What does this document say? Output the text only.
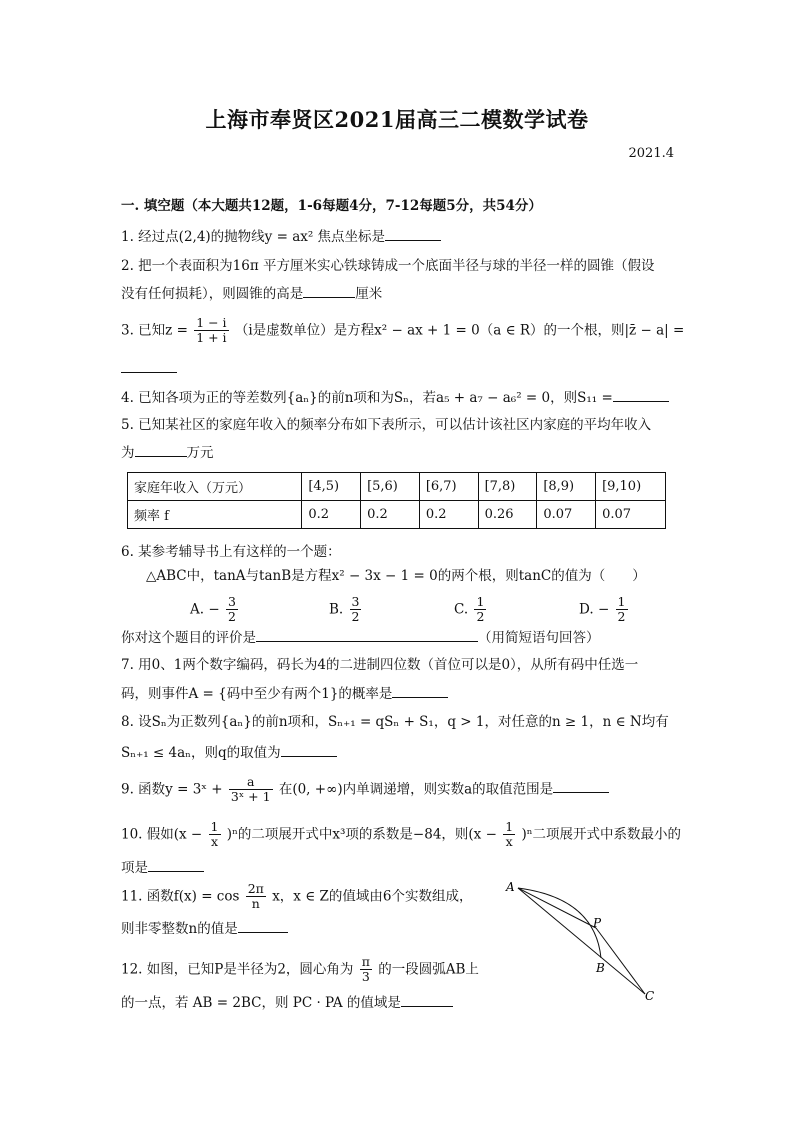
上海市奉贤区2021届高三二模数学试卷
2021.4
一. 填空题（本大题共12题，1-6每题4分，7-12每题5分，共54分）
1. 经过点(2,4)的抛物线y = ax² 焦点坐标是
2. 把一个表面积为16π 平方厘米实心铁球铸成一个底面半径与球的半径一样的圆锥（假设
没有任何损耗），则圆锥的高是	厘米
3. 已知$z = \frac{1 - i}{1 + i} (i$是虚数单位）是方程x² − ax + 1 = 0（a ∈ R）的一个根，则|z̄ − a| =
4. 已知各项为正的等差数列{aₙ}的前n项和为Sₙ，若a₅ + a₇ − a₆² = 0，则S₁₁ =
5. 已知某社区的家庭年收入的频率分布如下表所示，可以估计该社区内家庭的平均年收入
为	万元
家庭年收入（万元）	[4,5)	[5,6)	[6,7)	[7,8)	[8,9)	[9,10)
频率 f	0.2	0.2	0.2	0.26	0.07	0.07
6. 某参考辅导书上有这样的一个题：
△ABC中，tanA与tanB是方程x² − 3x − 1 = 0的两个根，则tanC的值为（　　）
A. − $\frac{3}{2}$	B. $\frac{3}{2}$	C. $\frac{1}{2}$	D. − $\frac{1}{2}$
你对这个题目的评价是	（用简短语句回答）
7. 用0、1两个数字编码，码长为4的二进制四位数（首位可以是0），从所有码中任选一
码，则事件A = {码中至少有两个1}的概率是
8. 设Sₙ为正数列{aₙ}的前n项和，Sₙ₊₁ = qSₙ + S₁，q > 1，对任意的n ≥ 1，n ∈ N均有
Sₙ₊₁ ≤ 4aₙ，则q的取值为
9. 函数y = 3ˣ + $\frac{a}{\text{3ˣ + 1}}$ 在(0, +∞)内单调递增，则实数a的取值范围是
10. 假如$(x - \frac{1}{x} )^n$的二项展开式中x³项的系数是−84，则$(x - \frac{1}{x} )^n$二项展开式中系数最小的
项是
11. 函数$f(x) = \cos \frac{2\pi}{n}$ x，x ∈ Z的值域由6个实数组成，
则非零整数n的值是
12. 如图，已知P是半径为2，圆心角为 $\frac{\pi}{3}$ 的一段圆弧AB上
的一点，若 AB = 2BC，则 PC · PA 的值域是
A
P
B
C
